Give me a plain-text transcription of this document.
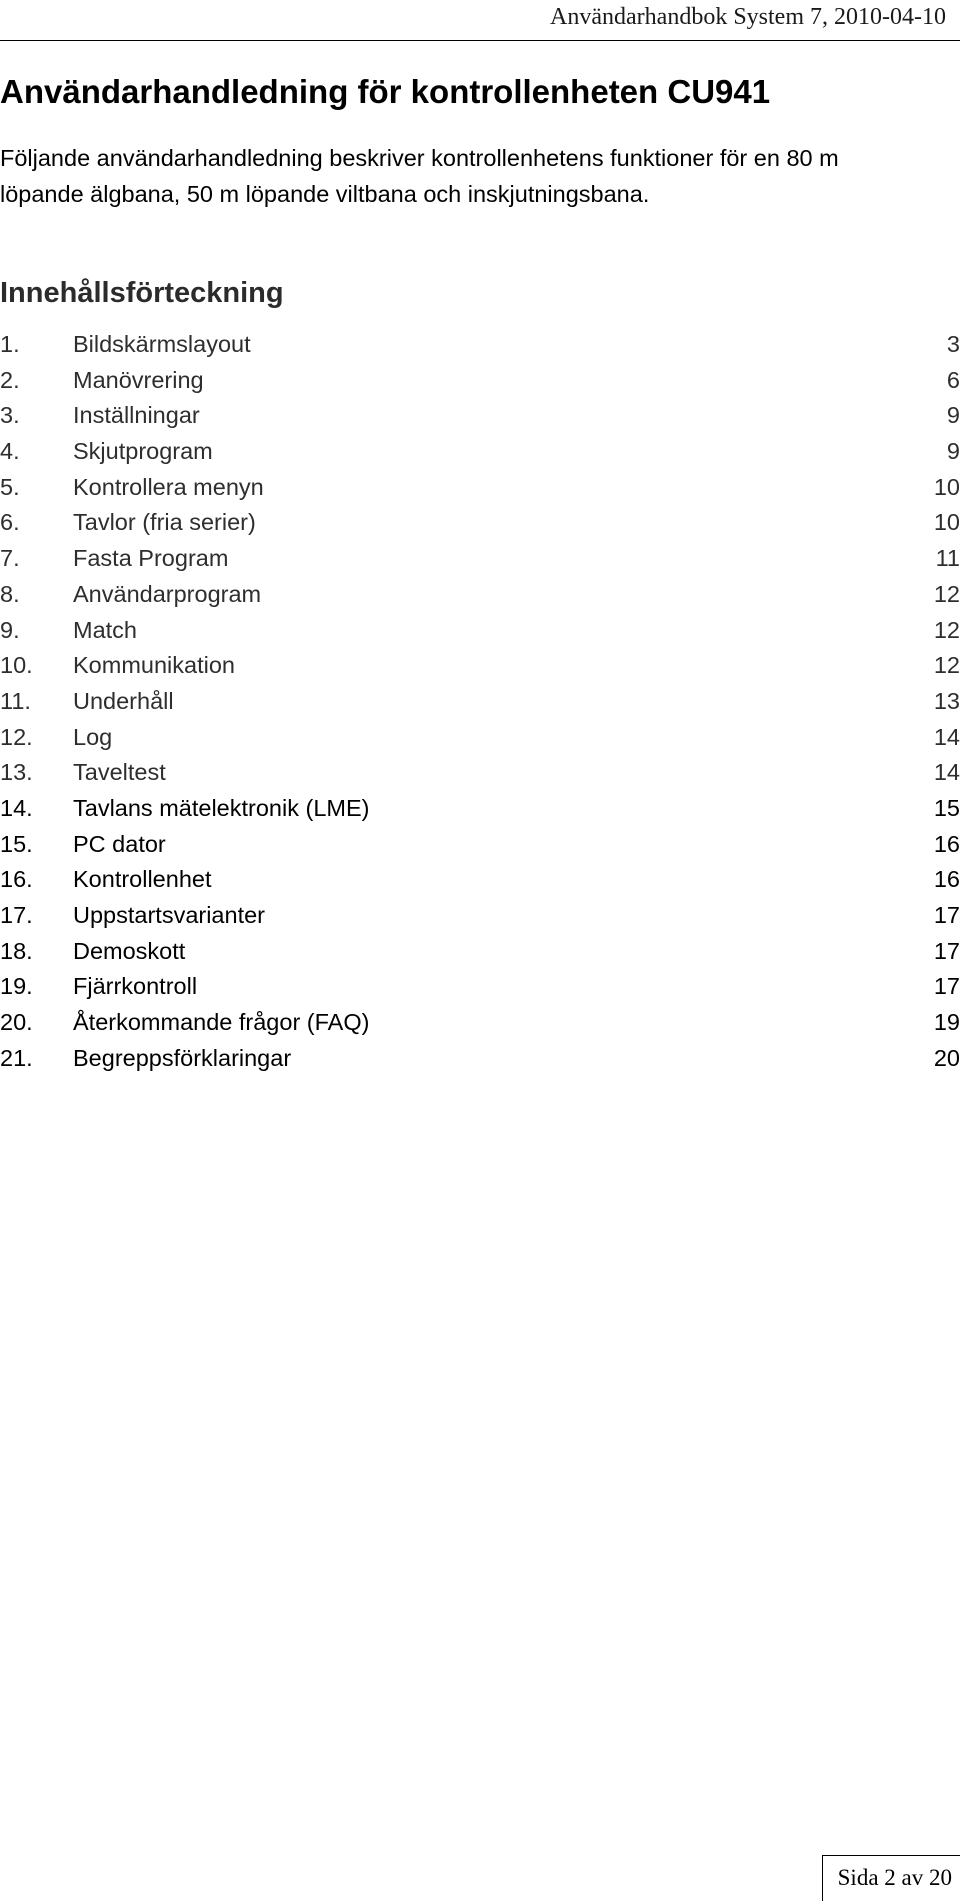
Användarhandbok System 7, 2010-04-10
Användarhandledning för kontrollenheten CU941

Följande användarhandledning beskriver kontrollenhetens funktioner för en 80 m löpande älgbana, 50 m löpande viltbana och inskjutningsbana.

Innehållsförteckning
1. Bildskärmslayout	3
2. Manövrering	6
3. Inställningar	9
4. Skjutprogram	9
5. Kontrollera menyn	10
6. Tavlor (fria serier)	10
7. Fasta Program	11
8. Användarprogram	12
9. Match	12
10. Kommunikation	12
11. Underhåll	13
12. Log	14
13. Taveltest	14
14. Tavlans mätelektronik (LME)	15
15. PC dator	16
16. Kontrollenhet	16
17. Uppstartsvarianter	17
18. Demoskott	17
19. Fjärrkontroll	17
20. Återkommande frågor (FAQ)	19
21. Begreppsförklaringar	20
Sida 2 av 20
